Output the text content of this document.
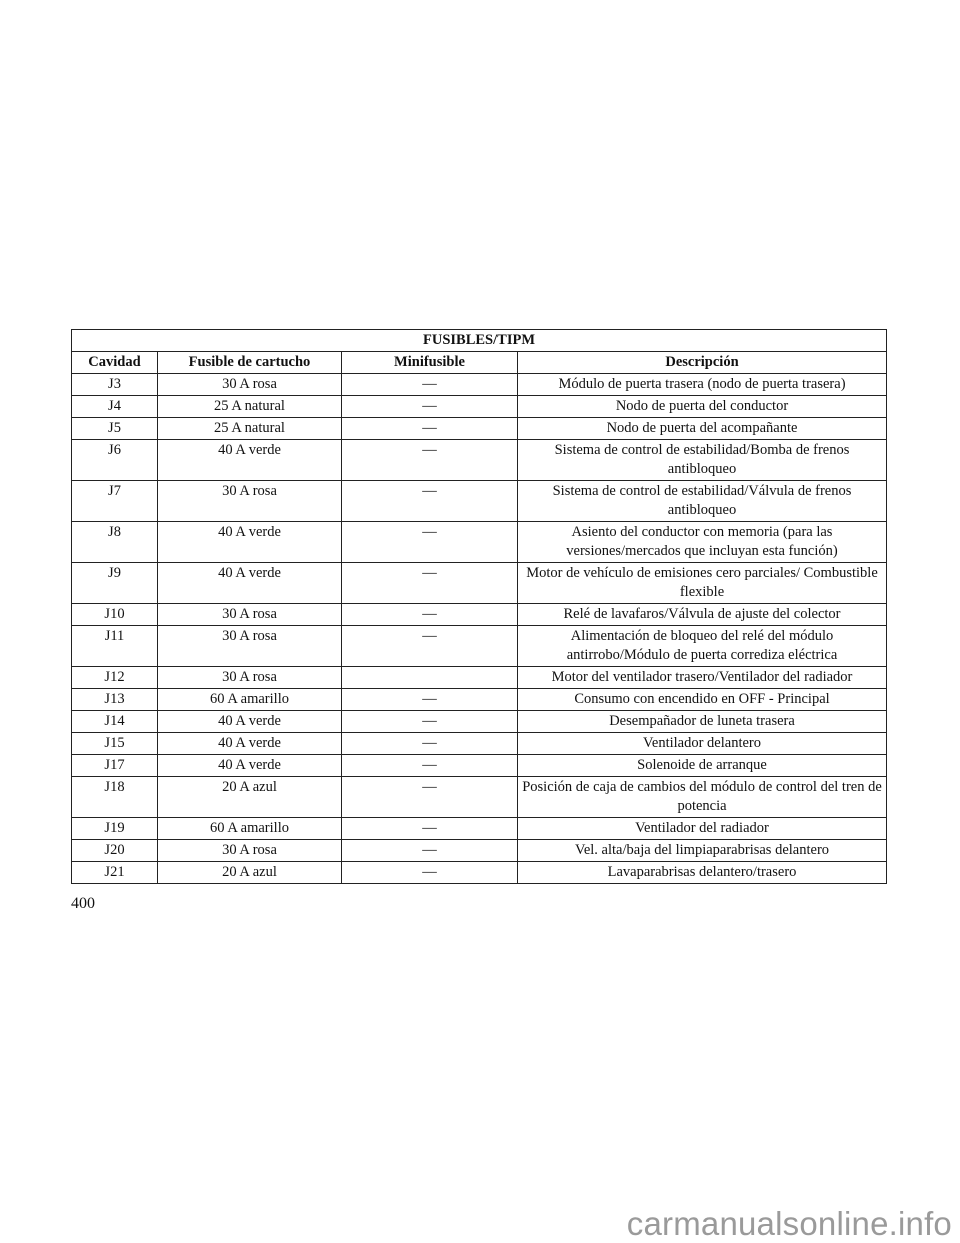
FUSIBLES/TIPM			
Cavidad	Fusible de cartucho	Minifusible	Descripción
J3	30 A rosa	—	Módulo de puerta trasera (nodo de puerta trasera)
J4	25 A natural	—	Nodo de puerta del conductor
J5	25 A natural	—	Nodo de puerta del acompañante
J6	40 A verde	—	Sistema de control de estabilidad/Bomba de frenos antibloqueo
J7	30 A rosa	—	Sistema de control de estabilidad/Válvula de frenos antibloqueo
J8	40 A verde	—	Asiento del conductor con memoria (para las versiones/mercados que incluyan esta función)
J9	40 A verde	—	Motor de vehículo de emisiones cero parciales/ Combustible flexible
J10	30 A rosa	—	Relé de lavafaros/Válvula de ajuste del colector
J11	30 A rosa	—	Alimentación de bloqueo del relé del módulo antirrobo/Módulo de puerta corrediza eléctrica
J12	30 A rosa		Motor del ventilador trasero/Ventilador del radiador
J13	60 A amarillo	—	Consumo con encendido en OFF - Principal
J14	40 A verde	—	Desempañador de luneta trasera
J15	40 A verde	—	Ventilador delantero
J17	40 A verde	—	Solenoide de arranque
J18	20 A azul	—	Posición de caja de cambios del módulo de control del tren de potencia
J19	60 A amarillo	—	Ventilador del radiador
J20	30 A rosa	—	Vel. alta/baja del limpiaparabrisas delantero
J21	20 A azul	—	Lavaparabrisas delantero/trasero
400
carmanualsonline.info
